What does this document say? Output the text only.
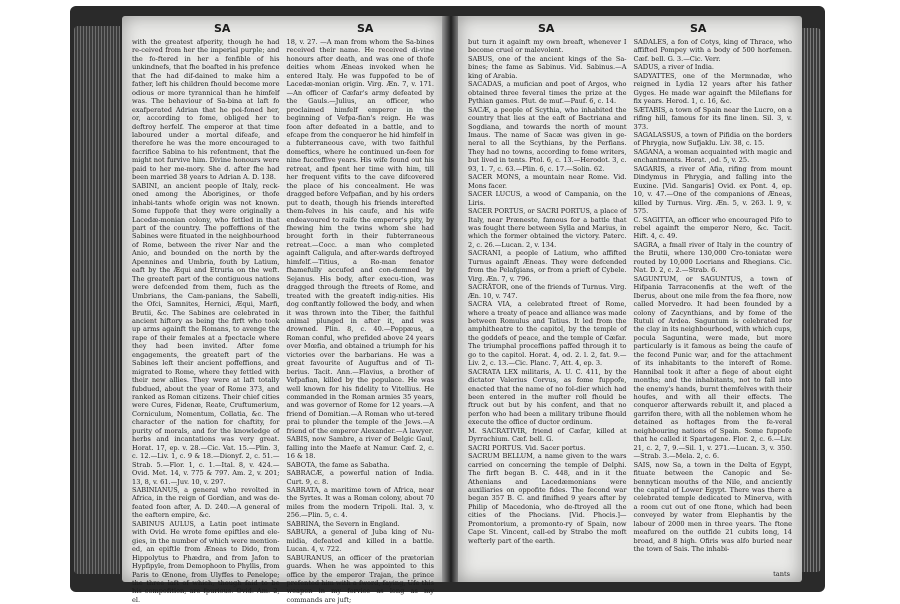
SA	SA

with the greatest afperity, though he had re-ceived from her the imperial purple; and the fo-ftered in her a fenfible of his unkindnefs, that fhe boafted in his prefence that fhe had dif-dained to make him a father, left his children fhould become more odious or more tyrannical than he himfelf was. The behaviour of Sa-bina at laft fo exafperated Adrian that he poi-foned her, or, according to fome, obliged her to deftroy herfelf. The emperor at that time laboured under a mortal difeafe, and therefore he was the more encouraged to facrifice Sabina to his refentment, that fhe might not furvive him. Divine honours were paid to her me-mory. She d. after fhe had been married 38 years to Adrian A. D. 138.

SABINI, an ancient people of Italy, reck-oned among the Aborigines, or thofe inhabi-tants whofe origin was not known. Some fuppofe that they were originally a Lacedæ-monian colony, who fettled in that part of the country. The poffeffions of the Sabines were fituated in the neighbourhood of Rome, between the river Nar and the Anio, and bounded on the north by the Apennines and Umbria, fouth by Latium, eaft by the Æqui and Etruria on the weft. The greateft part of the contiguous nations were defcended from them, fuch as the Umbrians, the Cam-panians, the Sabelli, the Ofci, Samnites, Hernici, Æqui, Marfi, Brutii, &c. The Sabines are celebrated in ancient hiftory as being the firft who took up arms againft the Romans, to avenge the rape of their females at a fpectacle where they had been invited. After fome engagements, the greateft part of the Sabines left their ancient poffeffions, and migrated to Rome, where they fettled with their new allies. They were at laft totally fubdued, about the year of Rome 373, and ranked as Roman citizens. Their chief cities were Cures, Fidenæ, Reate, Cruftumerium, Corniculum, Nomentum, Collatia, &c. The character of the nation for chaftity, for purity of morals, and for the knowledge of herbs and incantations was very great. Horat. 17, ep. v. 28.—Cic. Vat. 15.—Plin. 3, c. 12.—Liv. 1, c. 9 & 18.—Dionyf. 2, c. 51.—Strab. 5.—Flor. 1, c. 1.—Ital. 8, v. 424.—Ovid. Met. 14, v. 775 & 797. Am. 2, v. 201; 13, 8, v. 61.—Juv. 10, v. 297.

SABINIANUS, a general who revolted in Africa, in the reign of Gordian, and was de-feated foon after, A. D. 240.—A general of the eaftern empire, &c.

SABINUS AULUS, a Latin poet intimate with Ovid. He wrote fome epiftles and ele-gies, in the number of which were mention-ed, an epiftle from Æneas to Dido, from Hippolytus to Phædra, and from Jafon to Hypfipyle, from Demophoon to Phyllis, from Paris to Œnone, from Ulyffes to Penelope; the three laft of which, though faid to be his compofition, are fpurious. Ovid. Am. 2, el.

18, v. 27. —A man from whom the Sa-bines received their name. He received di-vine honours after death, and was one of thofe deities whom Æneas invoked when he entered Italy. He was fuppofed to be of Lacedæ-monian origin. Virg. Æn. 7, v. 171.—An officer of Cæfar's army defeated by the Gauls.—Julius, an officer, who proclaimed himfelf emperor in the beginning of Vefpa-fian's reign. He was foon after defeated in a battle, and to efcape from the conqueror he hid himfelf in a fubterraneous cave, with two faithful domeftics, where he continued un-feen for nine fucceffive years. His wife found out his retreat, and fpent her time with him, till her frequent vifits to the cave difcovered the place of his concealment. He was dragged before Vefpafian, and by his orders put to death, though his friends interefted them-felves in his caufe, and his wife endeavoured to raife the emperor's pity, by fhewing him the twins whom she had brought forth in their fubterraneous retreat.—Cocc. a man who completed againft Caligula, and after-wards deftroyed himfelf.—Titius, a Ro-man fenator fhamefully accufed and con-demned by Sejanus. His body, after execu-tion, was dragged through the ftreets of Rome, and treated with the greateft indig-nities. His dog conftantly followed the body, and when it was thrown into the Tiber, the faithful animal plunged in after it, and was drowned. Plin. 8, c. 40.—Poppæus, a Roman conful, who prefided above 24 years over Mœfia, and obtained a triumph for his victories over the barbarians. He was a great favourite of Auguftus and of Ti-berius. Tacit. Ann.—Flavius, a brother of Vefpafian, killed by the populace. He was well known for his fidelity to Vitellius. He commanded in the Roman armies 35 years, and was governor of Rome for 12 years.—A friend of Domitian.—A Roman who ut-tered prai to plunder the temple of the Jews.—A friend of the emperor Alexander.—A lawyer.

SABIS, now Sambre, a river of Belgic Gaul, falling into the Maefe at Namur. Cæf. 2, c. 16 & 18.

SABOTA, the fame as Sabatha.

SABRACÆ, a powerful nation of India. Curt. 9, c. 8.

SABRATA, a maritime town of Africa, near the Syrtes. It was a Roman colony, about 70 miles from the modern Tripoli. Ital. 3, v. 256.—Plin. 5, c. 4.

SABRINA, the Severn in England.

SABURA, a general of Juba king of Nu-midia, defeated and killed in a battle. Lucan. 4, v. 722.

SABURANUS, an officer of the prætorian guards. When he was appointed to this office by the emperor Trajan, the prince prefented him with a fword, faying, Ufe this weapon in my fervice as long as my commands are juft;

SA	SA

but turn it againft my own breaft, whenever I become cruel or malevolent.

SABUS, one of the ancient kings of the Sa-bines; the fame as Sabinus. Vid. Sabinus.—A king of Arabia.

SACADAS, a mufician and poet of Argos, who obtained three feveral times the prize at the Pythian games. Plut. de muf.—Pauf. 6, c. 14.

SACÆ, a people of Scythia, who inhabited the country that lies at the eaft of Bactriana and Sogdiana, and towards the north of mount Imaus. The name of Sacæ was given in ge-neral to all the Scythians, by the Perfians. They had no towns, according to fome writers, but lived in tents. Ptol. 6, c. 13.—Herodot. 3, c. 93, 1. 7, c. 63.—Plin. 6, c. 17.—Solin. 62.

SACER MONS, a mountain near Rome. Vid. Mons facer.

SACER LUCUS, a wood of Campania, on the Liris.

SACER PORTUS, or SACRI PORTUS, a place of Italy, near Præneste, famous for a battle that was fought there between Sylla and Marius, in which the former obtained the victory. Paterc. 2, c. 26.—Lucan. 2, v. 134.

SACRANI, a people of Latium, who affifted Turnus againft Æneas. They were defcended from the Pelafgians, or from a prieft of Cybele. Virg. Æn. 7, v. 796.

SACRĀTOR, one of the friends of Turnus. Virg. Æn. 10, v. 747.

SACRA VIA, a celebrated ftreet of Rome, where a treaty of peace and alliance was made between Romulus and Tatius. It led from the amphitheatre to the capitol, by the temple of the goddefs of peace, and the temple of Cæfar. The triumphal proceffions paffed through it to go to the capitol. Horat. 4, od. 2. l. 2, fat. 9.—Liv. 2, c. 13.—Cic. Planc. 7, Att. 4, ep. 3.

SACRATA LEX militaris, A. U. C. 411, by the dictator Valerius Corvus, as fome fuppofe, enacted that the name of no fol-dier which had been entered in the mufter roll fhould be ftruck out but by his confent, and that no perfon who had been a military tribune fhould execute the office of ductor ordinum.

M. SACRATIVIR, friend of Cæfar, killed at Dyrrachium. Cæf. bell. G.

SACRI PORTUS. Vid. Sacer portus.

SACRUM BELLUM, a name given to the wars carried on concerning the temple of Delphi. The firft began B. C. 448, and in it the Athenians and Lacedæmonians were auxiliaries on oppofite fides. The fecond war began 357 B. C. and finifhed 9 years after by Philip of Macedonia, who de-ftroyed all the cities of the Phocians. [Vid. Phocis.]—Promontorium, a promonto-ry of Spain, now Cape St. Vincent, call-ed by Strabo the moft wefterly part of the earth.

SADALES, a fon of Cotys, king of Thrace, who affifted Pompey with a body of 500 horfemen. Cæf. bell. G. 3.—Cic. Verr.

SADUS, a river of India.

SADYATTES, one of the Mermnadæ, who reigned in Lydia 12 years after his father Gyges. He made war againft the Milefians for fix years. Herod. 1, c. 16, &c.

SÆTABIS, a town of Spain near the Lucro, on a rifing hill, famous for its fine linen. Sil. 3, v. 373.

SAGALASSUS, a town of Pifidia on the borders of Phrygia, now Sufjaklu. Liv. 38, c. 15.

SAGANA, a woman acquainted with magic and enchantments. Horat. ,od. 5, v. 25.

SAGARIS, a river of Afia, rifing from mount Dindymus in Phrygia, and falling into the Euxine. [Vid. Sangaris] Ovid. ex Pont. 4, ep. 10, v. 47.—One of the companions of Æneas, killed by Turnus. Virg. Æn. 5, v. 263. l. 9, v. 575.

C. SAGITTA, an officer who encouraged Pifo to rebel againft the emperor Nero, &c. Tacit. Hift. 4, c. 49.

SAGRA, a fmall river of Italy in the country of the Brutii, where 130,000 Cro-toniatæ were routed by 10,000 Locrians and Rhegians. Cic. Nat. D. 2, c. 2.—Strab. 6.

SAGUNTUM, or SAGUNTUS, a town of Hifpania Tarraconenfis at the weft of the Iberus, about one mile from the fea fhore, now called Morvedro. It had been founded by a colony of Zacynthians, and by fome of the Rutuli of Ardea. Saguntum is celebrated for the clay in its neighbourhood, with which cups, pocula Saguntina, were made, but more particularly is it famous as being the caufe of the fecond Punic war, and for the attachment of its inhabitants to the intereft of Rome. Hannibal took it after a fiege of about eight months; and the inhabitants, not to fall into the enemy's hands, burnt themfelves with their houfes, and with all their effects. The conqueror afterwards rebuilt it, and placed a garrifon there, with all the noblemen whom he detained as hoftages from the fe-veral neighbouring nations of Spain. Some fuppofe that he called it Spartagene. Flor. 2, c. 6.—Liv. 21, c. 2, 7, 9.—Sil. 1, v. 271.—Lucan. 3, v. 350.—Strab. 3.—Mela. 2, c. 6.

SAIS, now Sa, a town in the Delta of Egypt, fituate between the Canopic and Se-bennytican mouths of the Nile, and anciently the capital of Lower Egypt. There was there a celebrated temple dedicated to Minerva, with a room cut out of one ftone, which had been conveyed by water from Elephantis by the labour of 2000 men in three years. The ftone meafured on the outfide 21 cubits long, 14 broad, and 8 high. Ofiris was alfo buried near the town of Sais. The inhabi-

tants
